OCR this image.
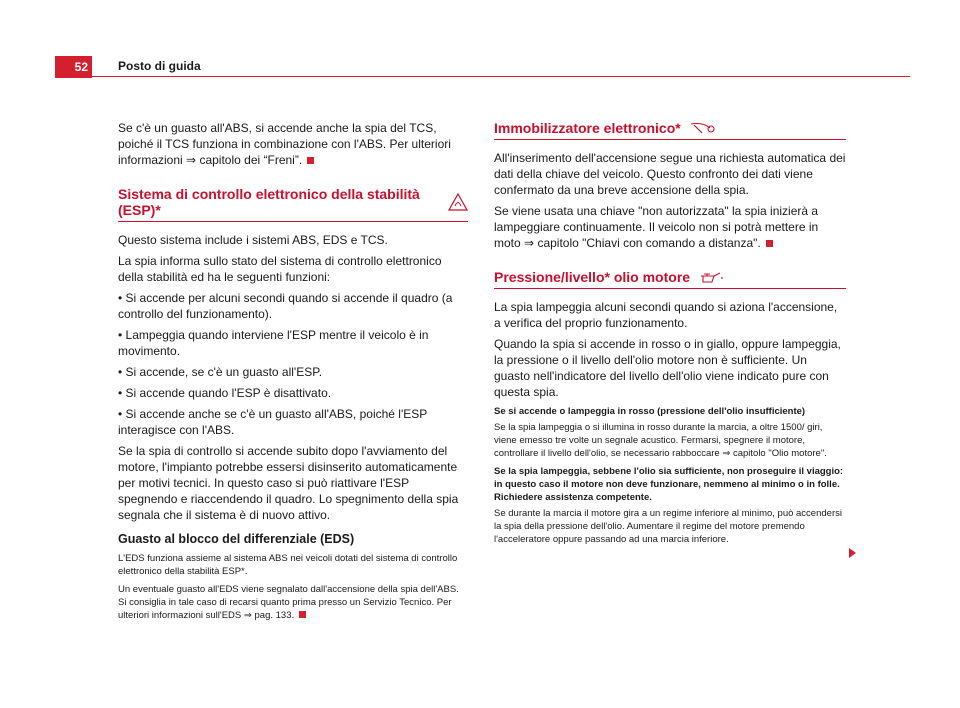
52	Posto di guida

Se c'è un guasto all'ABS, si accende anche la spia del TCS, poiché il TCS funziona in combinazione con l'ABS. Per ulteriori informazioni ⇒ capitolo dei “Freni”.

Sistema di controllo elettronico della stabilità (ESP)*

Questo sistema include i sistemi ABS, EDS e TCS.

La spia informa sullo stato del sistema di controllo elettronico della stabilità ed ha le seguenti funzioni:

• Si accende per alcuni secondi quando si accende il quadro (a controllo del funzionamento).

• Lampeggia quando interviene l'ESP mentre il veicolo è in movimento.

• Si accende, se c'è un guasto all'ESP.

• Si accende quando l'ESP è disattivato.

• Si accende anche se c'è un guasto all'ABS, poiché l'ESP interagisce con l'ABS.

Se la spia di controllo si accende subito dopo l'avviamento del motore, l'impianto potrebbe essersi disinserito automaticamente per motivi tecnici. In questo caso si può riattivare l'ESP spegnendo e riaccendendo il quadro. Lo spegnimento della spia segnala che il sistema è di nuovo attivo.

Guasto al blocco del differenziale (EDS)

L'EDS funziona assieme al sistema ABS nei veicoli dotati del sistema di controllo elettronico della stabilità ESP*.

Un eventuale guasto all'EDS viene segnalato dall'accensione della spia dell'ABS. Si consiglia in tale caso di recarsi quanto prima presso un Servizio Tecnico. Per ulteriori informazioni sull'EDS ⇒ pag. 133.

Immobilizzatore elettronico*

All'inserimento dell'accensione segue una richiesta automatica dei dati della chiave del veicolo. Questo confronto dei dati viene confermato da una breve accensione della spia.

Se viene usata una chiave "non autorizzata" la spia inizierà a lampeggiare continuamente. Il veicolo non si potrà mettere in moto ⇒ capitolo "Chiavi con comando a distanza".

Pressione/livello* olio motore

La spia lampeggia alcuni secondi quando si aziona l'accensione, a verifica del proprio funzionamento.

Quando la spia si accende in rosso o in giallo, oppure lampeggia, la pressione o il livello dell'olio motore non è sufficiente. Un guasto nell'indicatore del livello dell'olio viene indicato pure con questa spia.

Se si accende o lampeggia in rosso (pressione dell'olio insufficiente)

Se la spia lampeggia o si illumina in rosso durante la marcia, a oltre 1500/ giri, viene emesso tre volte un segnale acustico. Fermarsi, spegnere il motore, controllare il livello dell'olio, se necessario rabboccare ⇒ capitolo "Olio motore".

Se la spia lampeggia, sebbene l'olio sia sufficiente, non proseguire il viaggio: in questo caso il motore non deve funzionare, nemmeno al minimo o in folle. Richiedere assistenza competente.

Se durante la marcia il motore gira a un regime inferiore al minimo, può accendersi la spia della pressione dell'olio. Aumentare il regime del motore premendo l'acceleratore oppure passando ad una marcia inferiore.
